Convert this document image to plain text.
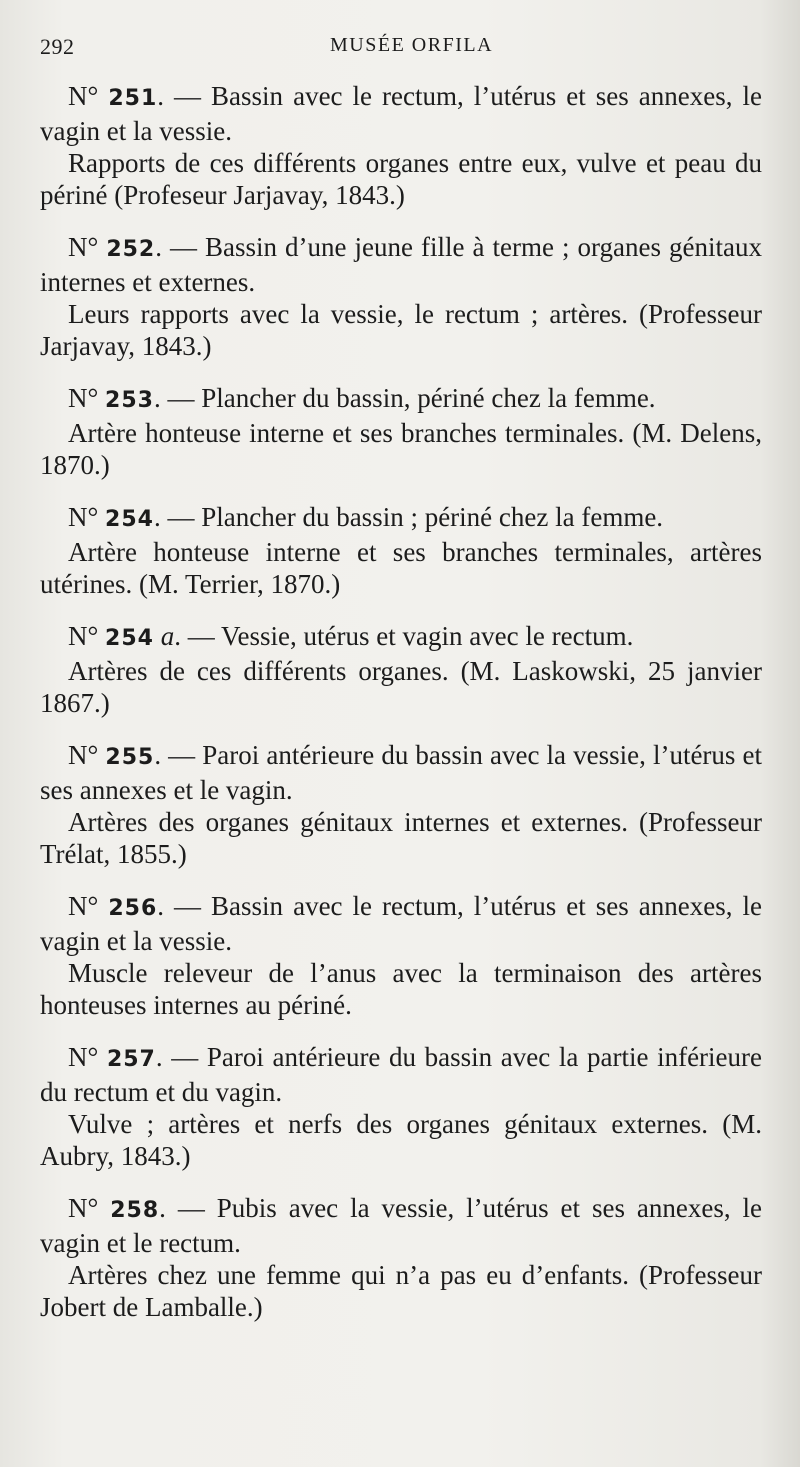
292	MUSÉE ORFILA

N° 251. — Bassin avec le rectum, l’utérus et ses annexes, le vagin et la vessie.

Rapports de ces différents organes entre eux, vulve et peau du périné (Profeseur Jarjavay, 1843.)

N° 252. — Bassin d’une jeune fille à terme ; organes génitaux internes et externes.

Leurs rapports avec la vessie, le rectum ; artères. (Professeur Jarjavay, 1843.)

N° 253. — Plancher du bassin, périné chez la femme.

Artère honteuse interne et ses branches terminales. (M. Delens, 1870.)

N° 254. — Plancher du bassin ; périné chez la femme.

Artère honteuse interne et ses branches terminales, artères utérines. (M. Terrier, 1870.)

N° 254 a. — Vessie, utérus et vagin avec le rectum.

Artères de ces différents organes. (M. Laskowski, 25 janvier 1867.)

N° 255. — Paroi antérieure du bassin avec la vessie, l’utérus et ses annexes et le vagin.

Artères des organes génitaux internes et externes. (Professeur Trélat, 1855.)

N° 256. — Bassin avec le rectum, l’utérus et ses annexes, le vagin et la vessie.

Muscle releveur de l’anus avec la terminaison des artères honteuses internes au périné.

N° 257. — Paroi antérieure du bassin avec la partie inférieure du rectum et du vagin.

Vulve ; artères et nerfs des organes génitaux externes. (M. Aubry, 1843.)

N° 258. — Pubis avec la vessie, l’utérus et ses annexes, le vagin et le rectum.

Artères chez une femme qui n’a pas eu d’enfants. (Professeur Jobert de Lamballe.)
